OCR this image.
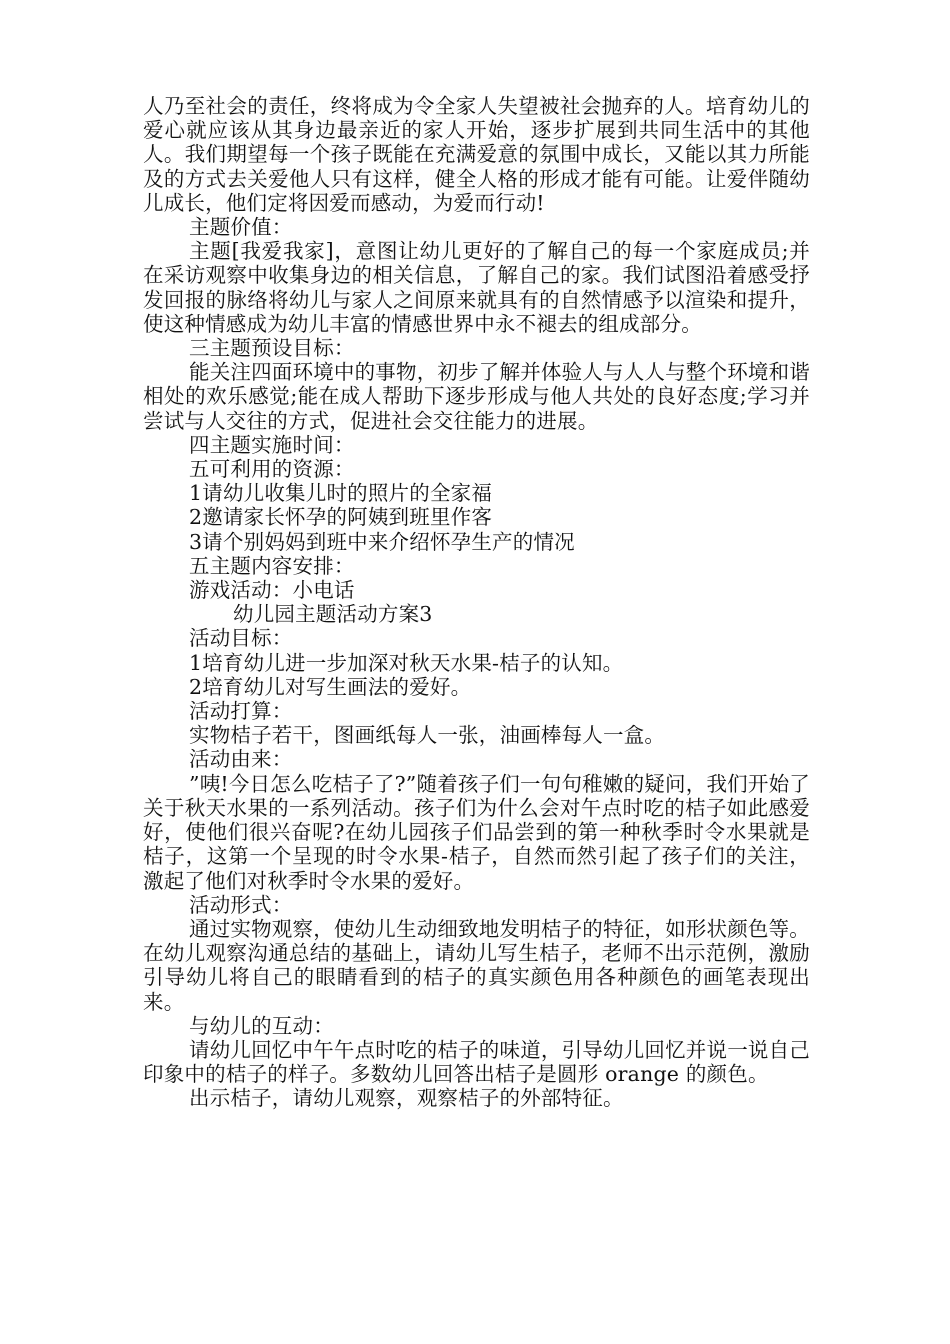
人乃至社会的责任，终将成为令全家人失望被社会抛弃的人。培育幼儿的爱心就应该从其身边最亲近的家人开始，逐步扩展到共同生活中的其他人。我们期望每一个孩子既能在充满爱意的氛围中成长，又能以其力所能及的方式去关爱他人只有这样，健全人格的形成才能有可能。让爱伴随幼儿成长，他们定将因爱而感动，为爱而行动!

主题价值：

主题[我爱我家]，意图让幼儿更好的了解自己的每一个家庭成员;并在采访观察中收集身边的相关信息，了解自己的家。我们试图沿着感受抒发回报的脉络将幼儿与家人之间原来就具有的自然情感予以渲染和提升，使这种情感成为幼儿丰富的情感世界中永不褪去的组成部分。

三主题预设目标：

能关注四面环境中的事物，初步了解并体验人与人人与整个环境和谐相处的欢乐感觉;能在成人帮助下逐步形成与他人共处的良好态度;学习并尝试与人交往的方式，促进社会交往能力的进展。

四主题实施时间：

五可利用的资源：

1请幼儿收集儿时的照片的全家福

2邀请家长怀孕的阿姨到班里作客

3请个别妈妈到班中来介绍怀孕生产的情况

五主题内容安排：

游戏活动：小电话

幼儿园主题活动方案3

活动目标：

1培育幼儿进一步加深对秋天水果-桔子的认知。

2培育幼儿对写生画法的爱好。

活动打算：

实物桔子若干，图画纸每人一张，油画棒每人一盒。

活动由来：

”咦!今日怎么吃桔子了?”随着孩子们一句句稚嫩的疑问，我们开始了关于秋天水果的一系列活动。孩子们为什么会对午点时吃的桔子如此感爱好，使他们很兴奋呢?在幼儿园孩子们品尝到的第一种秋季时令水果就是桔子，这第一个呈现的时令水果-桔子，自然而然引起了孩子们的关注，激起了他们对秋季时令水果的爱好。

活动形式：

通过实物观察，使幼儿生动细致地发明桔子的特征，如形状颜色等。在幼儿观察沟通总结的基础上，请幼儿写生桔子，老师不出示范例，激励引导幼儿将自己的眼睛看到的桔子的真实颜色用各种颜色的画笔表现出来。

与幼儿的互动：

请幼儿回忆中午午点时吃的桔子的味道，引导幼儿回忆并说一说自己印象中的桔子的样子。多数幼儿回答出桔子是圆形 orange 的颜色。

出示桔子，请幼儿观察，观察桔子的外部特征。
